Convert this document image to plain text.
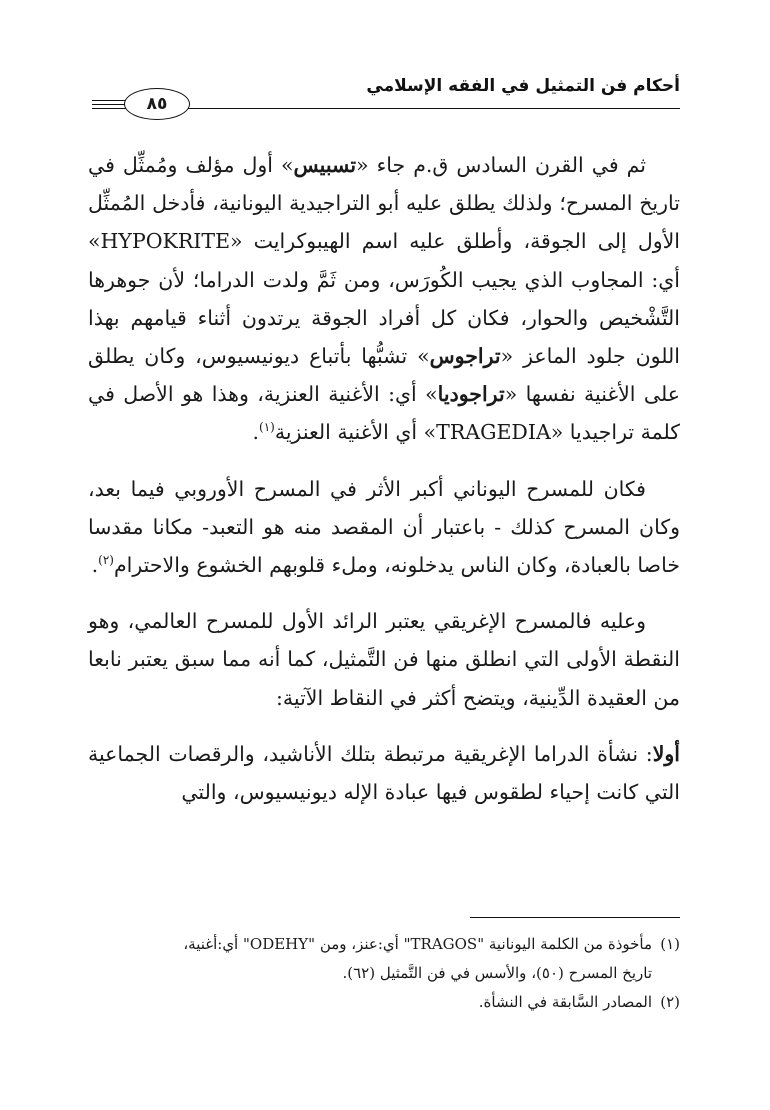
أحكام فن التمثيل في الفقه الإسلامي
٨٥

ثم في القرن السادس ق.م جاء «تسبيس» أول مؤلف ومُمثِّل في تاريخ المسرح؛ ولذلك يطلق عليه أبو التراجيدية اليونانية، فأدخل المُمثِّل الأول إلى الجوقة، وأطلق عليه اسم الهيبوكرايت «HYPOKRITE» أي: المجاوب الذي يجيب الكُورَس، ومن ثَمَّ ولدت الدراما؛ لأن جوهرها التَّشْخيص والحوار، فكان كل أفراد الجوقة يرتدون أثناء قيامهم بهذا اللون جلود الماعز «تراجوس» تشبُّها بأتباع ديونيسيوس، وكان يطلق على الأغنية نفسها «تراجوديا» أي: الأغنية العنزية، وهذا هو الأصل في كلمة تراجيديا «TRAGEDIA» أي الأغنية العنزية$^{(١)}$.

فكان للمسرح اليوناني أكبر الأثر في المسرح الأوروبي فيما بعد، وكان المسرح كذلك - باعتبار أن المقصد منه هو التعبد- مكانا مقدسا خاصا بالعبادة، وكان الناس يدخلونه، وملء قلوبهم الخشوع والاحترام$^{(٢)}$.

وعليه فالمسرح الإغريقي يعتبر الرائد الأول للمسرح العالمي، وهو النقطة الأولى التي انطلق منها فن التَّمثيل، كما أنه مما سبق يعتبر نابعا من العقيدة الدِّينية، ويتضح أكثر في النقاط الآتية:

أولا: نشأة الدراما الإغريقية مرتبطة بتلك الأناشيد، والرقصات الجماعية التي كانت إحياء لطقوس فيها عبادة الإله ديونيسيوس، والتي

(١)مأخوذة من الكلمة اليونانية "TRAGOS" أي:عنز، ومن "ODEHY" أي:أغنية،
تاريخ المسرح (٥٠)، والأسس في فن التَّمثيل (٦٢).
(٢)المصادر السَّابقة في النشأة.
